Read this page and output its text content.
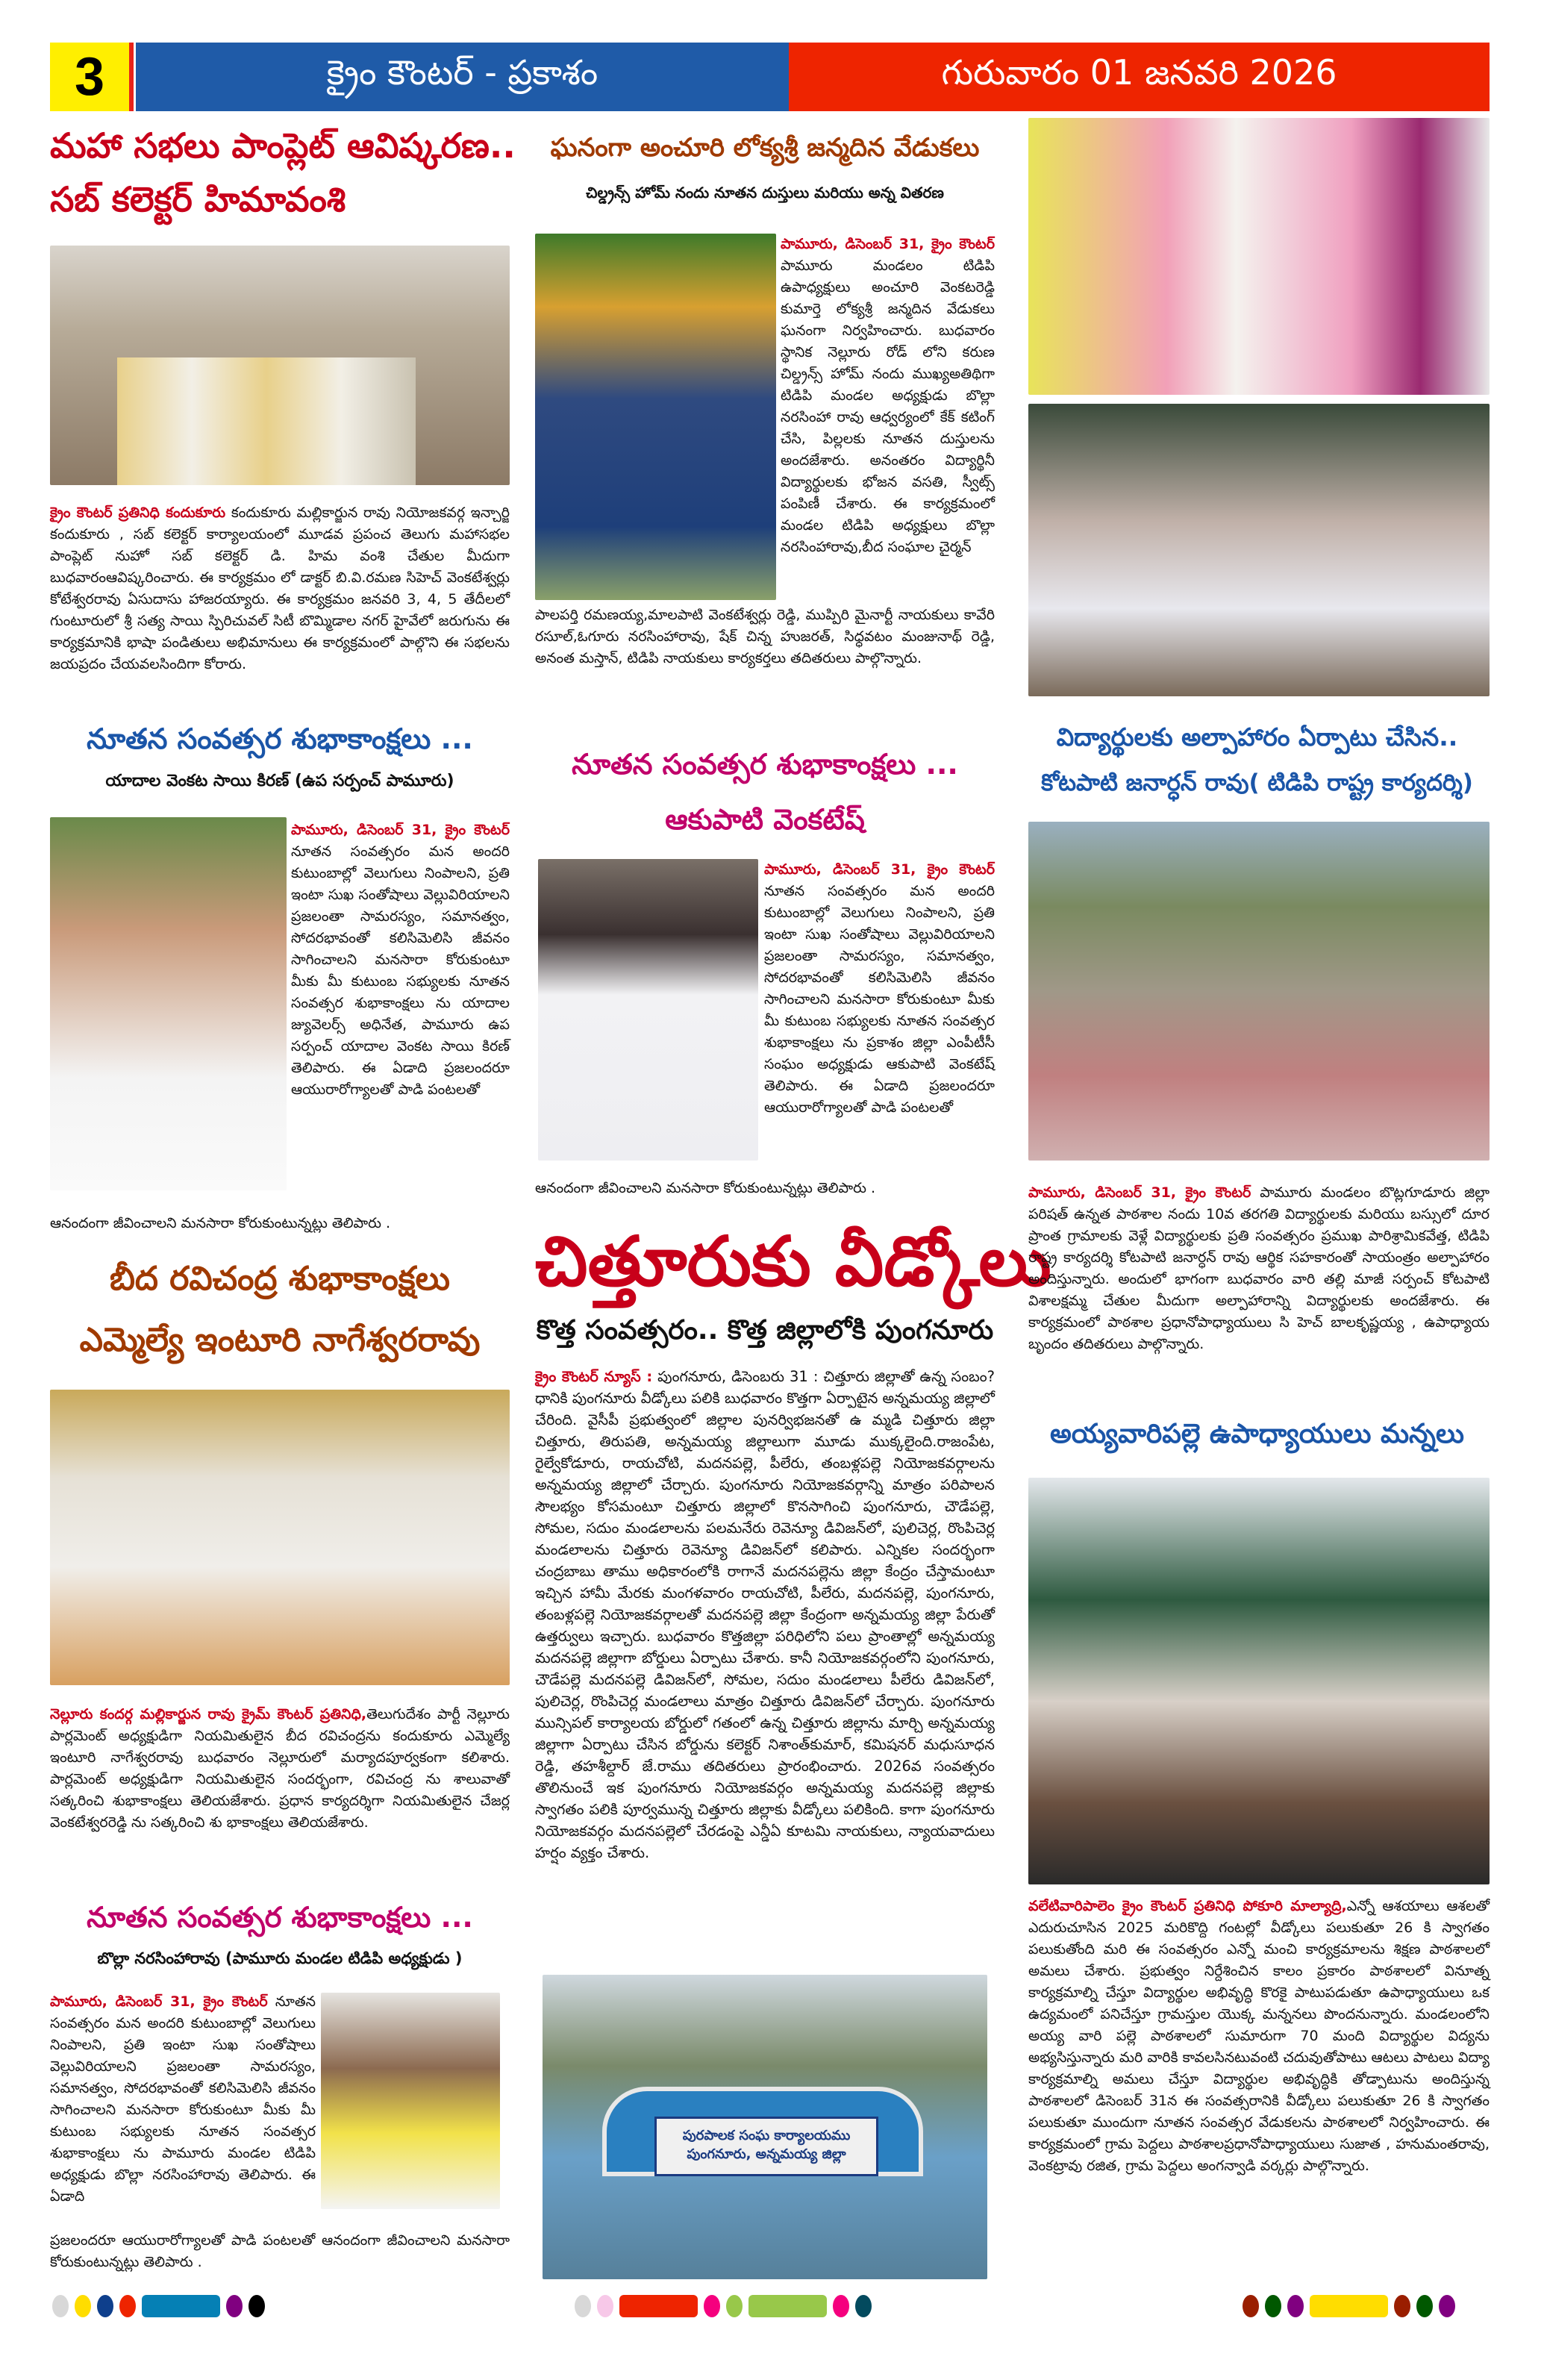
3	క్రైం కౌంటర్ - ప్రకాశం	గురువారం 01 జనవరి 2026
మహా సభలు పాంప్లెట్ ఆవిష్కరణ..
సబ్ కలెక్టర్ హిమావంశి
క్రైం కౌంటర్ ప్రతినిధి కందుకూరు కందుకూరు మల్లికార్జున రావు నియోజకవర్గ ఇన్చార్జి కందుకూరు , సబ్ కలెక్టర్ కార్యాలయంలో మూడవ ప్రపంచ తెలుగు మహాసభల పాంప్లెట్ నుహో సబ్ కలెక్టర్ డి. హిమ వంశి చేతుల మీదుగా బుధవారంఆవిష్కరించారు. ఈ కార్యక్రమం లో డాక్టర్ బి.వి.రమణ సిహెచ్ వెంకటేశ్వర్లు కోటేశ్వరరావు ఏసుదాసు హాజరయ్యారు. ఈ కార్యక్రమం జనవరి 3, 4, 5 తేదీలలో గుంటూరులో శ్రీ సత్య సాయి స్పిరిచువల్ సిటీ బొమ్మిడాల నగర్ హైవేలో జరుగును ఈ కార్యక్రమానికి భాషా పండితులు అభిమానులు ఈ కార్యక్రమంలో పాల్గొని ఈ సభలను జయప్రదం చేయవలసిందిగా కోరారు.
నూతన సంవత్సర శుభాకాంక్షలు ...
యాదాల వెంకట సాయి కిరణ్ (ఉప సర్పంచ్ పామూరు)
పామూరు, డిసెంబర్ 31, క్రైం కౌంటర్ నూతన సంవత్సరం మన అందరి కుటుంబాల్లో వెలుగులు నింపాలని, ప్రతి ఇంటా సుఖ సంతోషాలు వెల్లువిరియాలని ప్రజలంతా సామరస్యం, సమానత్వం, సోదరభావంతో కలిసిమెలిసి జీవనం సాగించాలని మనసారా కోరుకుంటూ మీకు మీ కుటుంబ సభ్యులకు నూతన సంవత్సర శుభాకాంక్షలు ను యాదాల జ్యువెలర్స్ అధినేత, పామూరు ఉప సర్పంచ్ యాదాల వెంకట సాయి కిరణ్ తెలిపారు. ఈ ఏడాది ప్రజలందరూ ఆయురారోగ్యాలతో పాడి పంటలతో
ఆనందంగా జీవించాలని మనసారా కోరుకుంటున్నట్లు తెలిపారు .
బీద రవిచంద్ర శుభాకాంక్షలు
ఎమ్మెల్యే ఇంటూరి నాగేశ్వరరావు
నెల్లూరు కందర్గ మల్లికార్జున రావు క్రైమ్ కౌంటర్ ప్రతినిధి,తెలుగుదేశం పార్టీ నెల్లూరు పార్లమెంట్ అధ్యక్షుడిగా నియమితులైన బీద రవిచంద్రను కందుకూరు ఎమ్మెల్యే ఇంటూరి నాగేశ్వరరావు బుధవారం నెల్లూరులో మర్యాదపూర్వకంగా కలిశారు. పార్లమెంట్ అధ్యక్షుడిగా నియమితులైన సందర్భంగా, రవిచంద్ర ను శాలువాతో సత్కరించి శుభాకాంక్షలు తెలియజేశారు. ప్రధాన కార్యదర్శిగా నియమితులైన చేజర్ల వెంకటేశ్వరరెడ్డి ను సత్కరించి శు భాకాంక్షలు తెలియజేశారు.
నూతన సంవత్సర శుభాకాంక్షలు ...
బొల్లా నరసింహారావు (పామూరు మండల టిడిపి అధ్యక్షుడు )
పామూరు, డిసెంబర్ 31, క్రైం కౌంటర్ నూతన సంవత్సరం మన అందరి కుటుంబాల్లో వెలుగులు నింపాలని, ప్రతి ఇంటా సుఖ సంతోషాలు వెల్లువిరియాలని ప్రజలంతా సామరస్యం, సమానత్వం, సోదరభావంతో కలిసిమెలిసి జీవనం సాగించాలని మనసారా కోరుకుంటూ మీకు మీ కుటుంబ సభ్యులకు నూతన సంవత్సర శుభాకాంక్షలు ను పామూరు మండల టిడిపి అధ్యక్షుడు బొల్లా నరసింహారావు తెలిపారు. ఈ ఏడాది
ప్రజలందరూ ఆయురారోగ్యాలతో పాడి పంటలతో ఆనందంగా జీవించాలని మనసారా కోరుకుంటున్నట్లు తెలిపారు .
ఘనంగా అంచూరి లోక్యశ్రీ జన్మదిన వేడుకలు
చిల్డ్రన్స్ హోమ్ నందు నూతన దుస్తులు మరియు అన్న వితరణ
పామూరు, డిసెంబర్ 31, క్రైం కౌంటర్ పామూరు మండలం టిడిపి ఉపాధ్యక్షులు అంచూరి వెంకటరెడ్డి కుమార్తె లోక్యశ్రీ జన్మదిన వేడుకలు ఘనంగా నిర్వహించారు. బుధవారం స్థానిక నెల్లూరు రోడ్ లోని కరుణ చిల్డ్రన్స్ హోమ్ నందు ముఖ్యఅతిథిగా టిడిపి మండల అధ్యక్షుడు బొల్లా నరసింహా రావు ఆధ్వర్యంలో కేక్ కటింగ్ చేసి, పిల్లలకు నూతన దుస్తులను అందజేశారు. అనంతరం విద్యార్థినీ విద్యార్థులకు భోజన వసతి, స్వీట్స్ పంపిణీ చేశారు. ఈ కార్యక్రమంలో మండల టిడిపి అధ్యక్షులు బొల్లా నరసింహారావు,బీద సంఘాల చైర్మన్
పాలపర్తి రమణయ్య,మాలపాటి వెంకటేశ్వర్లు రెడ్డి, ముప్పిరి మైనార్టీ నాయకులు కావేరి రసూల్,ఓగూరు నరసింహారావు, షేక్ చిన్న హుజరత్, సిధ్ధవటం మంజునాథ్ రెడ్డి, అనంత మస్తాన్, టిడిపి నాయకులు కార్యకర్తలు తదితరులు పాల్గొన్నారు.
నూతన సంవత్సర శుభాకాంక్షలు ...
ఆకుపాటి వెంకటేష్
పామూరు, డిసెంబర్ 31, క్రైం కౌంటర్ నూతన సంవత్సరం మన అందరి కుటుంబాల్లో వెలుగులు నింపాలని, ప్రతి ఇంటా సుఖ సంతోషాలు వెల్లువిరియాలని ప్రజలంతా సామరస్యం, సమానత్వం, సోదరభావంతో కలిసిమెలిసి జీవనం సాగించాలని మనసారా కోరుకుంటూ మీకు మీ కుటుంబ సభ్యులకు నూతన సంవత్సర శుభాకాంక్షలు ను ప్రకాశం జిల్లా ఎంపీటీసీ సంఘం అధ్యక్షుడు ఆకుపాటి వెంకటేష్ తెలిపారు. ఈ ఏడాది ప్రజలందరూ ఆయురారోగ్యాలతో పాడి పంటలతో
ఆనందంగా జీవించాలని మనసారా కోరుకుంటున్నట్లు తెలిపారు .
చిత్తూరుకు వీడ్కోలు
కొత్త సంవత్సరం.. కొత్త జిల్లాలోకి పుంగనూరు
క్రైం కౌంటర్ న్యూస్ : పుంగనూరు, డిసెంబరు 31 : చిత్తూరు జిల్లాతో ఉన్న సంబం?ధానికి పుంగనూరు వీడ్కోలు పలికి బుధవారం కొత్తగా ఏర్పాటైన అన్నమయ్య జిల్లాలో చేరింది. వైసీపీ ప్రభుత్వంలో జిల్లాల పునర్విభజనతో ఉ మ్మడి చిత్తూరు జిల్లా చిత్తూరు, తిరుపతి, అన్నమయ్య జిల్లాలుగా మూడు ముక్కలైంది.రాజంపేట, రైల్వేకోడూరు, రాయచోటి, మదనపల్లె, పీలేరు, తంబళ్లపల్లె నియోజకవర్గాలను అన్నమయ్య జిల్లాలో చేర్చారు. పుంగనూరు నియోజకవర్గాన్ని మాత్రం పరిపాలన సౌలభ్యం కోసమంటూ చిత్తూరు జిల్లాలో కొనసాగించి పుంగనూరు, చౌడేపల్లె, సోమల, సదుం మండలాలను పలమనేరు రెవెన్యూ డివిజన్‌లో, పులిచెర్ల, రొంపిచెర్ల మండలాలను చిత్తూరు రెవెన్యూ డివిజన్‌లో కలిపారు. ఎన్నికల సందర్భంగా చంద్రబాబు తాము అధికారంలోకి రాగానే మదనపల్లెను జిల్లా కేంద్రం చేస్తామంటూ ఇచ్చిన హామీ మేరకు మంగళవారం రాయచోటి, పీలేరు, మదనపల్లె, పుంగనూరు, తంబళ్లపల్లె నియోజకవర్గాలతో మదనపల్లె జిల్లా కేంద్రంగా అన్నమయ్య జిల్లా పేరుతో ఉత్తర్వులు ఇచ్చారు. బుధవారం కొత్తజిల్లా పరిధిలోని పలు ప్రాంతాల్లో అన్నమయ్య మదనపల్లె జిల్లాగా బోర్డులు ఏర్పాటు చేశారు. కానీ నియోజకవర్గంలోని పుంగనూరు, చౌడేపల్లె మదనపల్లె డివిజన్‌లో, సోమల, సదుం మండలాలు పీలేరు డివిజన్‌లో, పులిచెర్ల, రొంపిచెర్ల మండలాలు మాత్రం చిత్తూరు డివిజన్‌లో చేర్చారు. పుంగనూరు మున్సిపల్ కార్యాలయ బోర్డులో గతంలో ఉన్న చిత్తూరు జిల్లాను మార్చి అన్నమయ్య జిల్లాగా ఏర్పాటు చేసిన బోర్డును కలెక్టర్ నిశాంత్‌కుమార్, కమిషనర్ మధుసూధన రెడ్డి, తహశీల్దార్ జే.రాము తదితరులు ప్రారంభించారు. 2026వ సంవత్సరం తొలినుంచే ఇక పుంగనూరు నియోజకవర్గం అన్నమయ్య మదనపల్లె జిల్లాకు స్వాగతం పలికి పూర్వమున్న చిత్తూరు జిల్లాకు వీడ్కోలు పలికింది. కాగా పుంగనూరు నియోజకవర్గం మదనపల్లెలో చేరడంపై ఎన్డీఏ కూటమి నాయకులు, న్యాయవాదులు హర్షం వ్యక్తం చేశారు.
పురపాలక సంఘ కార్యాలయము
పుంగనూరు, అన్నమయ్య జిల్లా
విద్యార్థులకు అల్పాహారం ఏర్పాటు చేసిన..
కోటపాటి జనార్ధన్ రావు( టిడిపి రాష్ట్ర కార్యదర్శి)
పామూరు, డిసెంబర్ 31, క్రైం కౌంటర్ పామూరు మండలం బొట్లగూడూరు జిల్లా పరిషత్ ఉన్నత పాఠశాల నందు 10వ తరగతి విద్యార్థులకు మరియు బస్సులో దూర ప్రాంత గ్రామాలకు వెళ్లే విద్యార్థులకు ప్రతి సంవత్సరం ప్రముఖ పారిశ్రామికవేత్త, టిడిపి రాష్ట్ర కార్యదర్శి కోటపాటి జనార్ధన్ రావు ఆర్థిక సహకారంతో సాయంత్రం అల్పాహారం అందిస్తున్నారు. అందులో భాగంగా బుధవారం వారి తల్లి మాజీ సర్పంచ్ కోటపాటి విశాలక్షమ్మ చేతుల మీదుగా అల్పాహారాన్ని విద్యార్థులకు అందజేశారు. ఈ కార్యక్రమంలో పాఠశాల ప్రధానోపాధ్యాయులు సి హెచ్ బాలకృష్ణయ్య , ఉపాధ్యాయ బృందం తదితరులు పాల్గొన్నారు.
అయ్యవారిపల్లె ఉపాధ్యాయులు మన్నలు
వలేటివారిపాలెం క్రైం కౌంటర్ ప్రతినిధి పోకూరి మాల్యాద్రి,ఎన్నో ఆశయాలు ఆశలతో ఎదురుచూసిన 2025 మరికొద్ది గంటల్లో వీడ్కోలు పలుకుతూ 26 కి స్వాగతం పలుకుతోంది మరి ఈ సంవత్సరం ఎన్నో మంచి కార్యక్రమాలను శిక్షణ పాఠశాలలో అమలు చేశారు. ప్రభుత్వం నిర్దేశించిన కాలం ప్రకారం పాఠశాలలో వినూత్న కార్యక్రమాల్ని చేస్తూ విద్యార్థుల అభివృద్ధి కొరకై పాటుపడుతూ ఉపాధ్యాయులు ఒక ఉద్యమంలో పనిచేస్తూ గ్రామస్తుల యొక్క మన్ననలు పొందనున్నారు. మండలంలోని అయ్య వారి పల్లె పాఠశాలలో సుమారుగా 70 మంది విద్యార్థుల విద్యను అభ్యసిస్తున్నారు మరి వారికి కావలసినటువంటి చదువుతోపాటు ఆటలు పాటలు విద్యా కార్యక్రమాల్ని అమలు చేస్తూ విద్యార్థుల అభివృద్ధికి తోడ్పాటును అందిస్తున్న పాఠశాలలో డిసెంబర్ 31న ఈ సంవత్సరానికి వీడ్కోలు పలుకుతూ 26 కి స్వాగతం పలుకుతూ ముందుగా నూతన సంవత్సర వేడుకలను పాఠశాలలో నిర్వహించారు. ఈ కార్యక్రమంలో గ్రామ పెద్దలు పాఠశాలప్రధానోపాధ్యాయులు సుజాత , హనుమంతరావు, వెంకట్రావు రజిత, గ్రామ పెద్దలు అంగన్వాడి వర్కర్లు పాల్గొన్నారు.
